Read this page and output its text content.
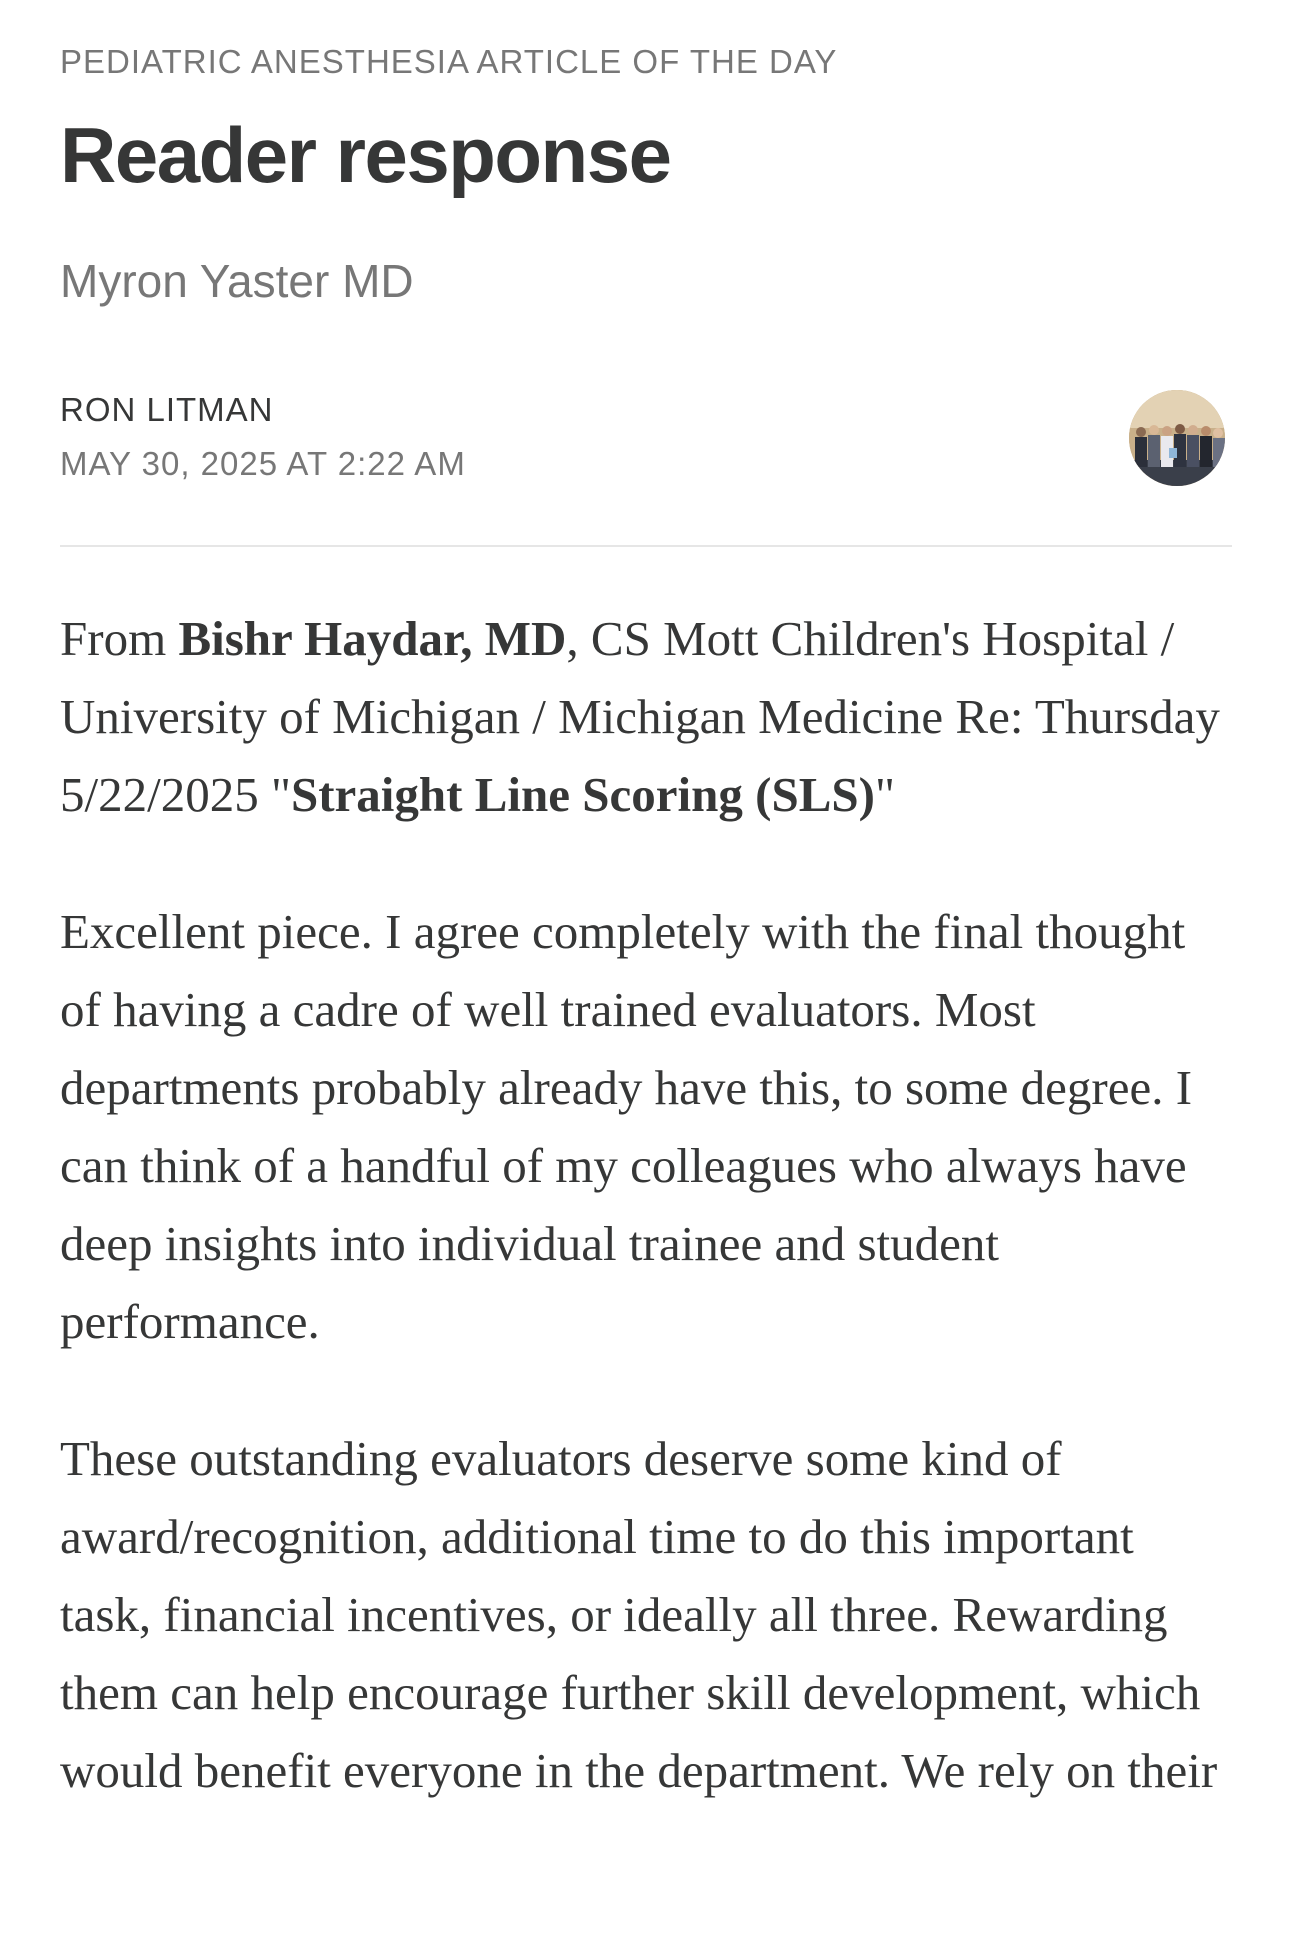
PEDIATRIC ANESTHESIA ARTICLE OF THE DAY
Reader response
Myron Yaster MD
RON LITMAN
MAY 30, 2025 AT 2:22 AM

From Bishr Haydar, MD, CS Mott Children's Hospital / University of Michigan / Michigan Medicine Re: Thursday 5/22/2025 "Straight Line Scoring (SLS)"

Excellent piece. I agree completely with the final thought of having a cadre of well trained evaluators. Most departments probably already have this, to some degree. I can think of a handful of my colleagues who always have deep insights into individual trainee and student performance.

These outstanding evaluators deserve some kind of award/recognition, additional time to do this important task, financial incentives, or ideally all three. Rewarding them can help encourage further skill development, which would benefit everyone in the department. We rely on their
